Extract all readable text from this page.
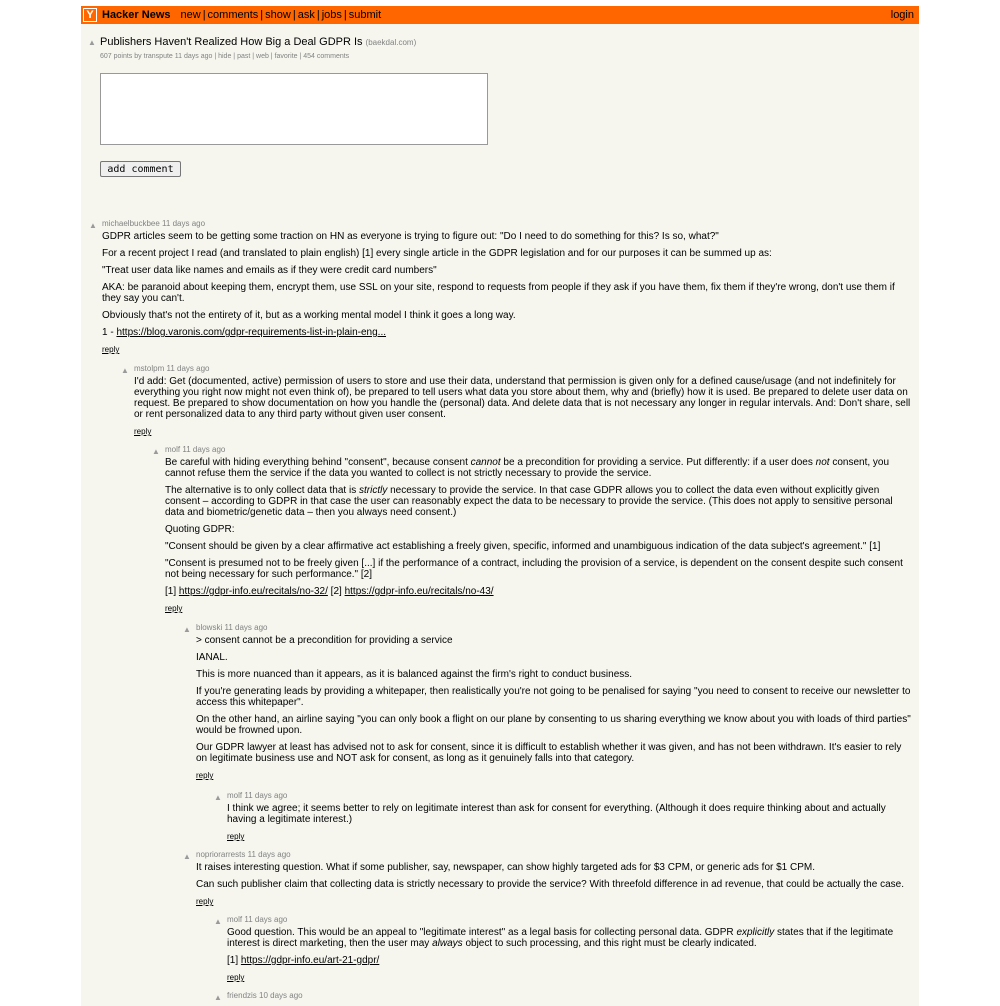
Y Hacker News new | comments | show | ask | jobs | submit	login
▲ Publishers Haven't Realized How Big a Deal GDPR Is (baekdal.com)
607 points by transpute 11 days ago | hide | past | web | favorite | 454 comments
add comment
▲ michaelbuckbee 11 days ago

GDPR articles seem to be getting some traction on HN as everyone is trying to figure out: "Do I need to do something for this? Is so, what?"

For a recent project I read (and translated to plain english) [1] every single article in the GDPR legislation and for our purposes it can be summed up as:

"Treat user data like names and emails as if they were credit card numbers"

AKA: be paranoid about keeping them, encrypt them, use SSL on your site, respond to requests from people if they ask if you have them, fix them if they're wrong, don't use them if they say you can't.

Obviously that's not the entirety of it, but as a working mental model I think it goes a long way.

1 - https://blog.varonis.com/gdpr-requirements-list-in-plain-eng...

reply
▲ mstolpm 11 days ago

I'd add: Get (documented, active) permission of users to store and use their data, understand that permission is given only for a defined cause/usage (and not indefinitely for everything you right now might not even think of), be prepared to tell users what data you store about them, why and (briefly) how it is used. Be prepared to delete user data on request. Be prepared to show documentation on how you handle the (personal) data. And delete data that is not necessary any longer in regular intervals. And: Don't share, sell or rent personalized data to any third party without given user consent.

reply
▲ molf 11 days ago

Be careful with hiding everything behind "consent", because consent cannot be a precondition for providing a service. Put differently: if a user does not consent, you cannot refuse them the service if the data you wanted to collect is not strictly necessary to provide the service.

The alternative is to only collect data that is strictly necessary to provide the service. In that case GDPR allows you to collect the data even without explicitly given consent – according to GDPR in that case the user can reasonably expect the data to be necessary to provide the service. (This does not apply to sensitive personal data and biometric/genetic data – then you always need consent.)

Quoting GDPR:

"Consent should be given by a clear affirmative act establishing a freely given, specific, informed and unambiguous indication of the data subject's agreement." [1]

"Consent is presumed not to be freely given [...] if the performance of a contract, including the provision of a service, is dependent on the consent despite such consent not being necessary for such performance." [2]

[1] https://gdpr-info.eu/recitals/no-32/ [2] https://gdpr-info.eu/recitals/no-43/

reply
▲ blowski 11 days ago

> consent cannot be a precondition for providing a service

IANAL.

This is more nuanced than it appears, as it is balanced against the firm's right to conduct business.

If you're generating leads by providing a whitepaper, then realistically you're not going to be penalised for saying "you need to consent to receive our newsletter to access this whitepaper".

On the other hand, an airline saying "you can only book a flight on our plane by consenting to us sharing everything we know about you with loads of third parties" would be frowned upon.

Our GDPR lawyer at least has advised not to ask for consent, since it is difficult to establish whether it was given, and has not been withdrawn. It's easier to rely on legitimate business use and NOT ask for consent, as long as it genuinely falls into that category.

reply
▲ molf 11 days ago

I think we agree; it seems better to rely on legitimate interest than ask for consent for everything. (Although it does require thinking about and actually having a legitimate interest.)

reply
▲ nopriorarrests 11 days ago

It raises interesting question. What if some publisher, say, newspaper, can show highly targeted ads for $3 CPM, or generic ads for $1 CPM.

Can such publisher claim that collecting data is strictly necessary to provide the service? With threefold difference in ad revenue, that could be actually the case.

reply
▲ molf 11 days ago

Good question. This would be an appeal to "legitimate interest" as a legal basis for collecting personal data. GDPR explicitly states that if the legitimate interest is direct marketing, then the user may always object to such processing, and this right must be clearly indicated.

[1] https://gdpr-info.eu/art-21-gdpr/

reply
▲ friendzis 10 days ago
